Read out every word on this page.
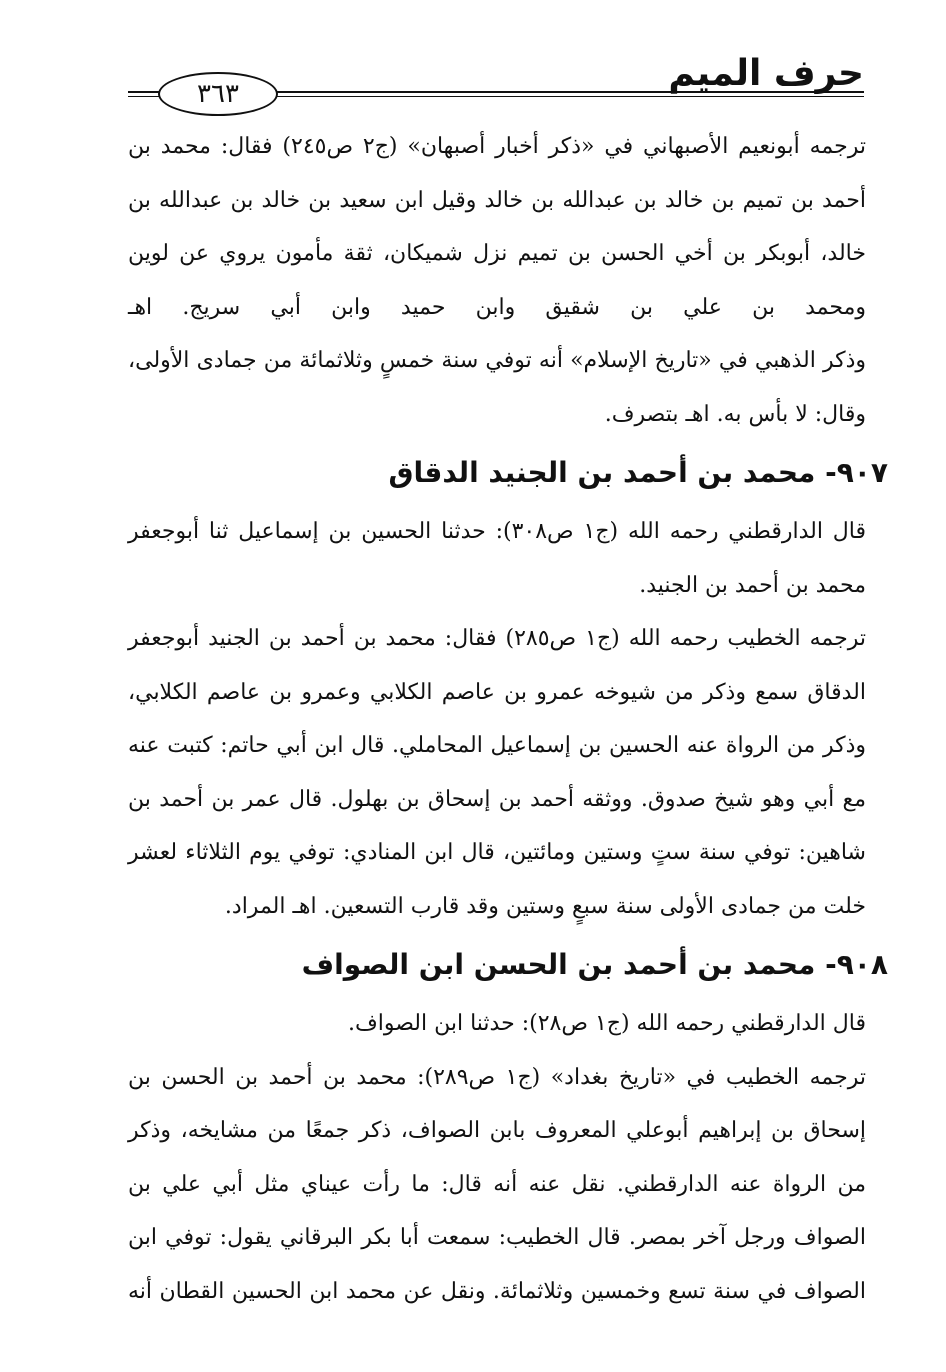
٣٦٣	حرف الميم

ترجمه أبونعيم الأصبهاني في «ذكر أخبار أصبهان» (ج٢ ص٢٤٥) فقال: محمد بن أحمد بن تميم بن خالد بن عبدالله بن خالد وقيل ابن سعيد بن خالد بن عبدالله بن خالد، أبوبكر بن أخي الحسن بن تميم نزل شميكان، ثقة مأمون يروي عن لوين ومحمد بن علي بن شقيق وابن حميد وابن أبي سريج. اهـ

وذكر الذهبي في «تاريخ الإسلام» أنه توفي سنة خمسٍ وثلاثمائة من جمادى الأولى، وقال: لا بأس به. اهـ بتصرف.

٩٠٧- محمد بن أحمد بن الجنيد الدقاق

قال الدارقطني رحمه الله (ج١ ص٣٠٨): حدثنا الحسين بن إسماعيل ثنا أبوجعفر محمد بن أحمد بن الجنيد.

ترجمه الخطيب رحمه الله (ج١ ص٢٨٥) فقال: محمد بن أحمد بن الجنيد أبوجعفر الدقاق سمع وذكر من شيوخه عمرو بن عاصم الكلابي وعمرو بن عاصم الكلابي، وذكر من الرواة عنه الحسين بن إسماعيل المحاملي. قال ابن أبي حاتم: كتبت عنه مع أبي وهو شيخ صدوق. ووثقه أحمد بن إسحاق بن بهلول. قال عمر بن أحمد بن شاهين: توفي سنة ستٍ وستين ومائتين، قال ابن المنادي: توفي يوم الثلاثاء لعشر خلت من جمادى الأولى سنة سبعٍ وستين وقد قارب التسعين. اهـ المراد.

٩٠٨- محمد بن أحمد بن الحسن ابن الصواف

قال الدارقطني رحمه الله (ج١ ص٢٨): حدثنا ابن الصواف.

ترجمه الخطيب في «تاريخ بغداد» (ج١ ص٢٨٩): محمد بن أحمد بن الحسن بن إسحاق بن إبراهيم أبوعلي المعروف بابن الصواف، ذكر جمعًا من مشايخه، وذكر من الرواة عنه الدارقطني. نقل عنه أنه قال: ما رأت عيناي مثل أبي علي بن الصواف ورجل آخر بمصر. قال الخطيب: سمعت أبا بكر البرقاني يقول: توفي ابن الصواف في سنة تسع وخمسين وثلاثمائة. ونقل عن محمد ابن الحسين القطان أنه
